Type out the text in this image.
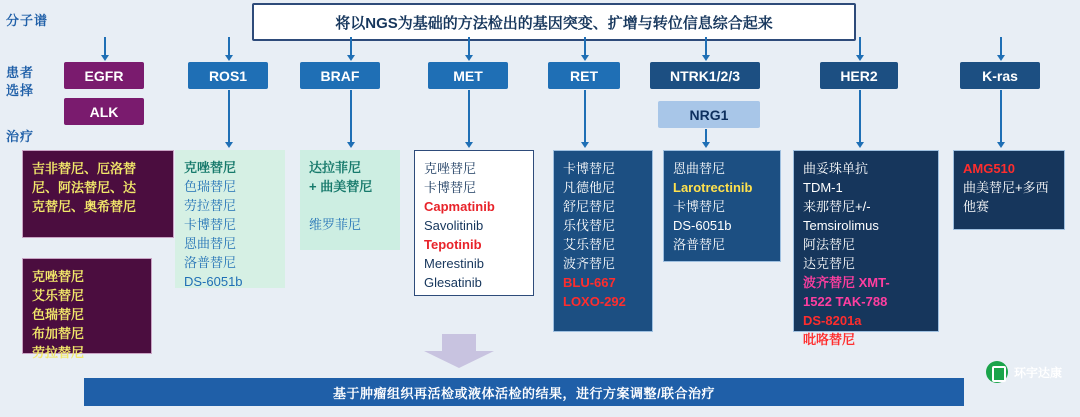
分子谱
患者
选择
治疗
将以NGS为基础的方法检出的基因突变、扩增与转位信息综合起来
EGFR
ALK
ROS1	BRAF	MET	RET	NTRK1/2/3
NRG1
HER2	K-ras
吉非替尼、厄洛替
尼、阿法替尼、达
克替尼、奥希替尼
克唑替尼
艾乐替尼
色瑞替尼
布加替尼
劳拉替尼
克唑替尼
色瑞替尼
劳拉替尼
卡博替尼
恩曲替尼
洛普替尼
DS-6051b
达拉菲尼
+ 曲美替尼

维罗菲尼
克唑替尼
卡博替尼
Capmatinib
Savolitinib
Tepotinib
Merestinib
Glesatinib
卡博替尼
凡德他尼
舒尼替尼
乐伐替尼
艾乐替尼
波齐替尼
BLU-667
LOXO-292
恩曲替尼
Larotrectinib
卡博替尼
DS-6051b
洛普替尼
曲妥珠单抗
TDM-1
来那替尼+/-
Temsirolimus
阿法替尼
达克替尼
波齐替尼 XMT-
1522 TAK-788
DS-8201a
吡咯替尼
AMG510
曲美替尼+多西
他赛
基于肿瘤组织再活检或液体活检的结果，进行方案调整/联合治疗
环宇达康
